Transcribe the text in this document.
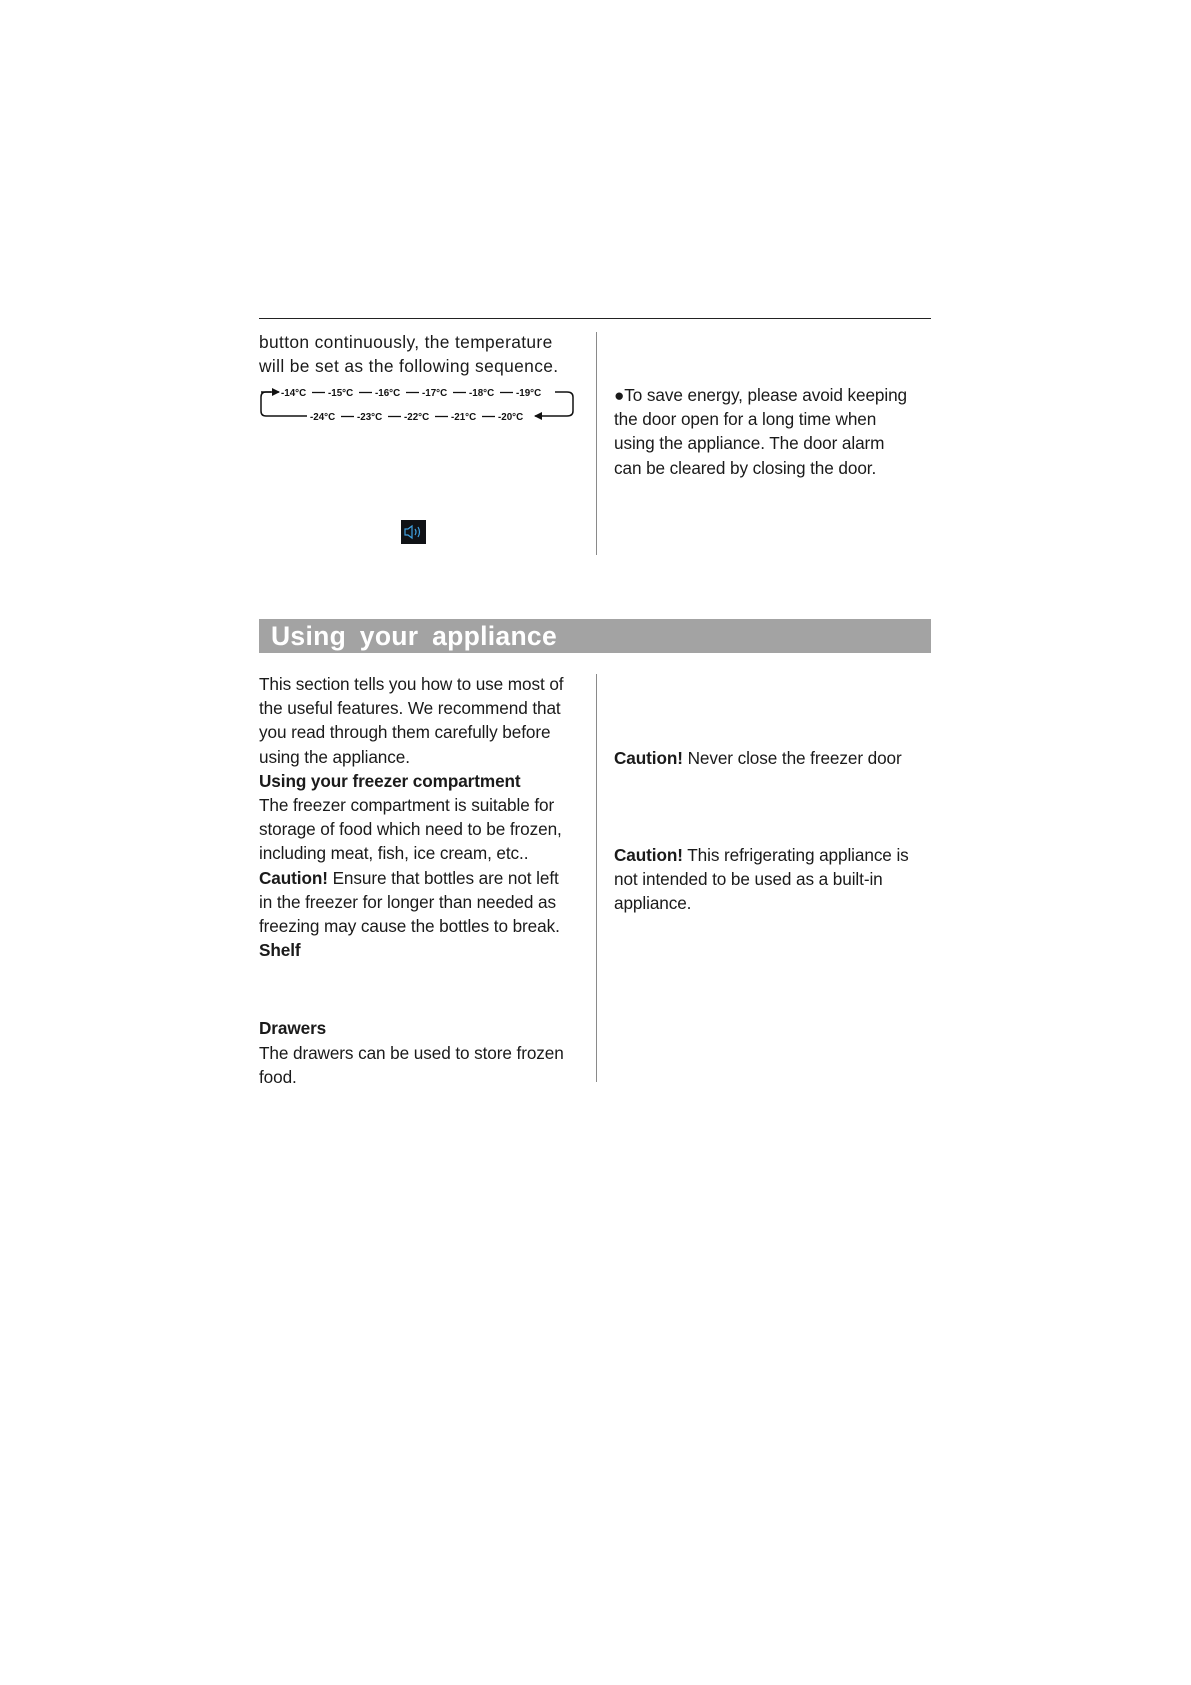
button continuously, the temperature

will be set as the following sequence.

-14°C -15°C -16°C -17°C -18°C -19°C
-24°C -23°C -22°C -21°C -20°C

●To save energy, please avoid keeping

the door open for a long time when

using the appliance. The door alarm

can be cleared by closing the door.

Using your appliance

This section tells you how to use most of

the useful features. We recommend that

you read through them carefully before

using the appliance.

Using your freezer compartment

The freezer compartment is suitable for

storage of food which need to be frozen,

including meat, fish, ice cream, etc..

Caution! Ensure that bottles are not left

in the freezer for longer than needed as

freezing may cause the bottles to break.

Shelf

Drawers

The drawers can be used to store frozen

food.

Caution! Never close the freezer door

Caution! This refrigerating appliance is

not intended to be used as a built-in

appliance.
